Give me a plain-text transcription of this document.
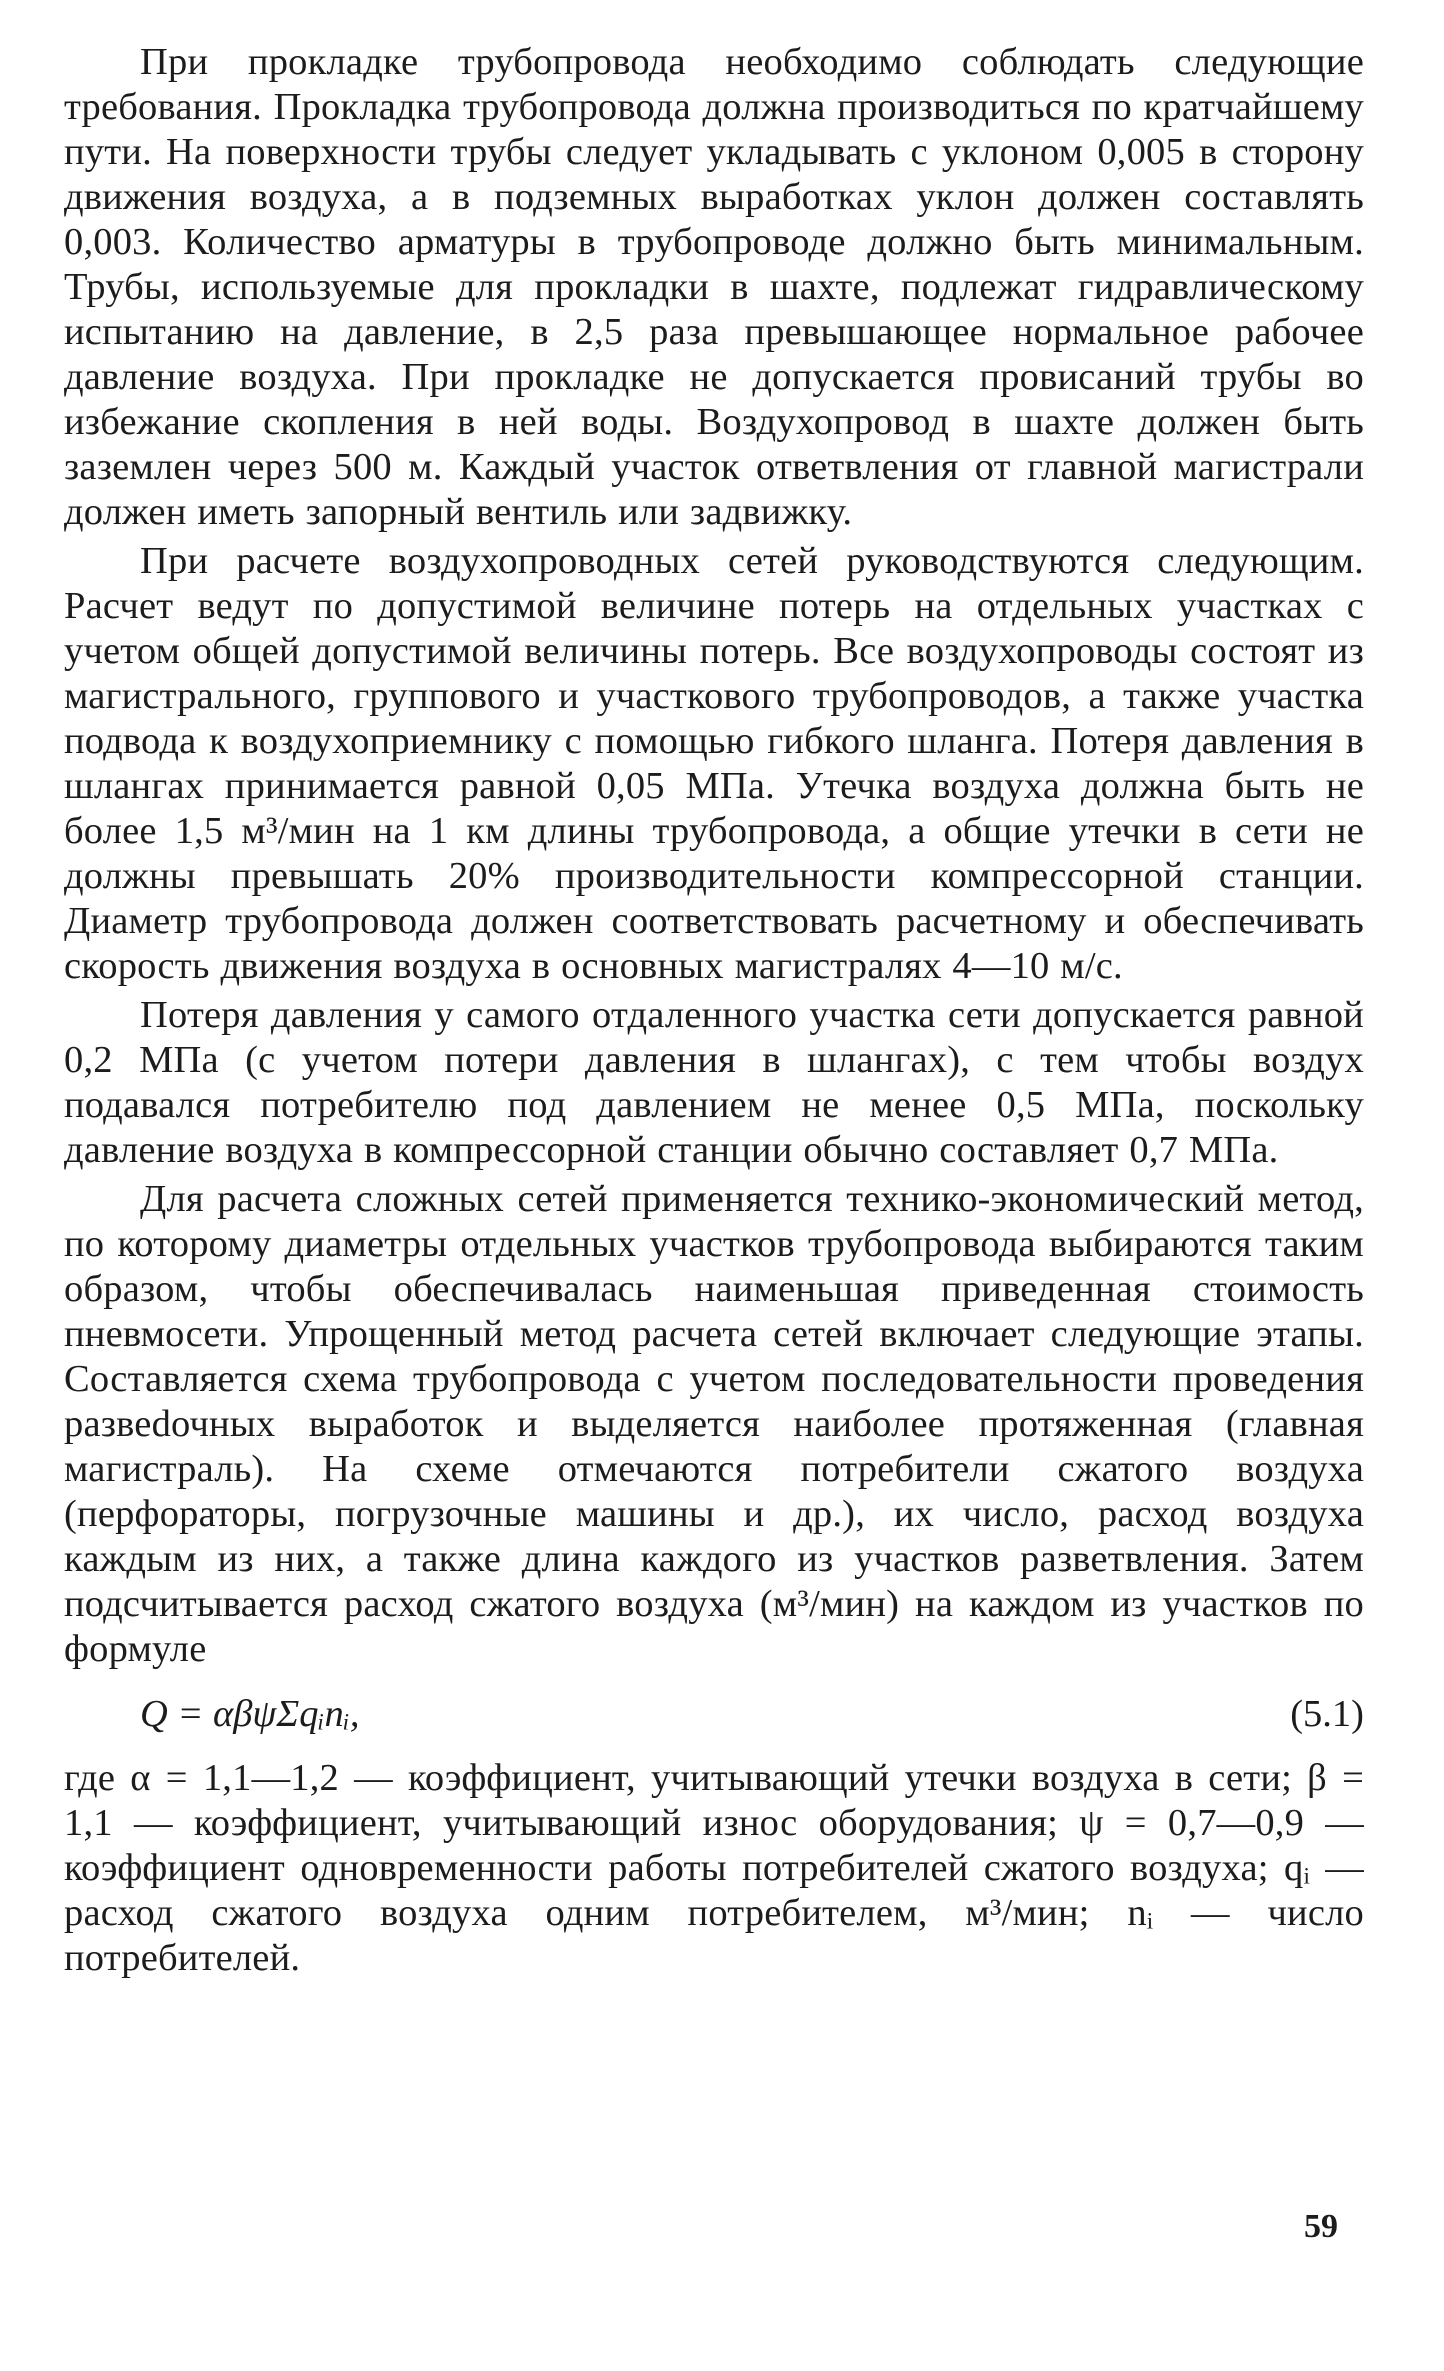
При прокладке трубопровода необходимо соблюдать следующие требования. Прокладка трубопровода должна производиться по кратчайшему пути. На поверхности трубы следует укладывать с уклоном 0,005 в сторону движения воздуха, а в подземных выработках уклон должен составлять 0,003. Количество арматуры в трубопроводе должно быть минимальным. Трубы, используемые для прокладки в шахте, подлежат гидравлическому испытанию на давление, в 2,5 раза превышающее нормальное рабочее давление воздуха. При прокладке не допускается провисаний трубы во избежание скопления в ней воды. Воздухопровод в шахте должен быть заземлен через 500 м. Каждый участок ответвления от главной магистрали должен иметь запорный вентиль или задвижку.

При расчете воздухопроводных сетей руководствуются следующим. Расчет ведут по допустимой величине потерь на отдельных участках с учетом общей допустимой величины потерь. Все воздухопроводы состоят из магистрального, группового и участкового трубопроводов, а также участка подвода к воздухоприемнику с помощью гибкого шланга. Потеря давления в шлангах принимается равной 0,05 МПа. Утечка воздуха должна быть не более 1,5 м³/мин на 1 км длины трубопровода, а общие утечки в сети не должны превышать 20% производительности компрессорной станции. Диаметр трубопровода должен соответствовать расчетному и обеспечивать скорость движения воздуха в основных магистралях 4—10 м/с.

Потеря давления у самого отдаленного участка сети допускается равной 0,2 МПа (с учетом потери давления в шлангах), с тем чтобы воздух подавался потребителю под давлением не менее 0,5 МПа, поскольку давление воздуха в компрессорной станции обычно составляет 0,7 МПа.

Для расчета сложных сетей применяется технико-экономический метод, по которому диаметры отдельных участков трубопровода выбираются таким образом, чтобы обеспечивалась наименьшая приведенная стоимость пневмосети. Упрощенный метод расчета сетей включает следующие этапы. Составляется схема трубопровода с учетом последовательности проведения развеdочных выработок и выделяется наиболее протяженная (главная магистраль). На схеме отмечаются потребители сжатого воздуха (перфораторы, погрузочные машины и др.), их число, расход воздуха каждым из них, а также длина каждого из участков разветвления. Затем подсчитывается расход сжатого воздуха (м³/мин) на каждом из участков по формуле

Q = αβψΣqᵢnᵢ,	(5.1)

где α = 1,1—1,2 — коэффициент, учитывающий утечки воздуха в сети; β = 1,1 — коэффициент, учитывающий износ оборудования; ψ = 0,7—0,9 — коэффициент одновременности работы потребителей сжатого воздуха; qᵢ — расход сжатого воздуха одним потребителем, м³/мин; nᵢ — число потребителей.

59
